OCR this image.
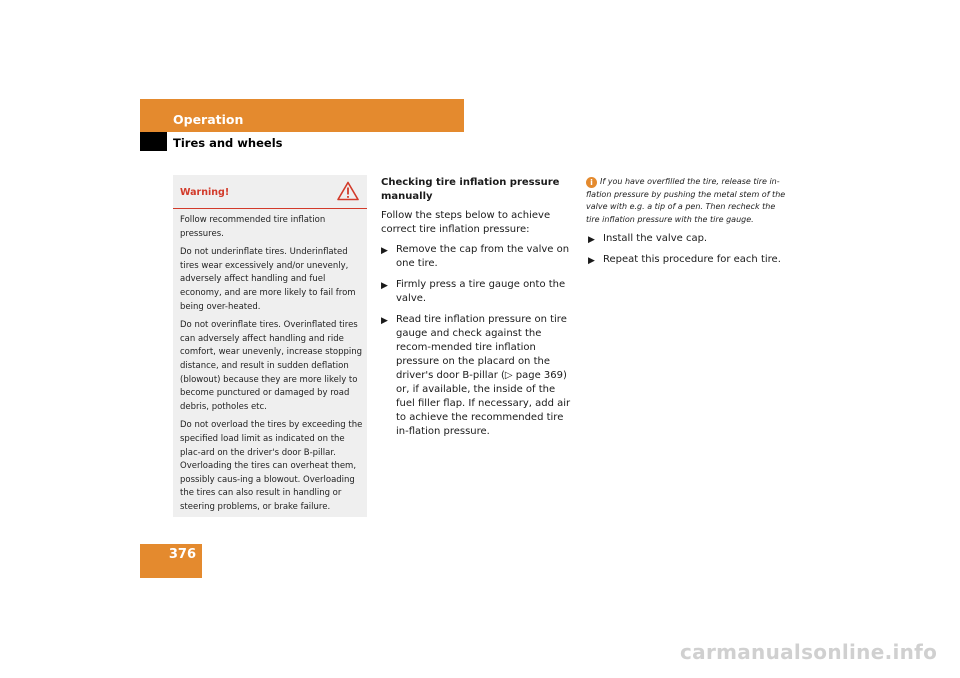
Operation
Tires and wheels
Warning!

Follow recommended tire inflation pressures.

Do not underinflate tires. Underinflated tires wear excessively and/or unevenly, adversely affect handling and fuel economy, and are more likely to fail from being over-heated.

Do not overinflate tires. Overinflated tires can adversely affect handling and ride comfort, wear unevenly, increase stopping distance, and result in sudden deflation (blowout) because they are more likely to become punctured or damaged by road debris, potholes etc.

Do not overload the tires by exceeding the specified load limit as indicated on the plac-ard on the driver's door B-pillar. Overloading the tires can overheat them, possibly caus-ing a blowout. Overloading the tires can also result in handling or steering problems, or brake failure.

Checking tire inflation pressure manually

Follow the steps below to achieve correct tire inflation pressure:

▶ Remove the cap from the valve on one tire.
▶ Firmly press a tire gauge onto the valve.
▶ Read tire inflation pressure on tire gauge and check against the recom-mended tire inflation pressure on the placard on the driver's door B-pillar (▷ page 369) or, if available, the inside of the fuel filler flap. If necessary, add air to achieve the recommended tire in-flation pressure.
i If you have overfilled the tire, release tire in-flation pressure by pushing the metal stem of the valve with e.g. a tip of a pen. Then recheck the tire inflation pressure with the tire gauge.
▶ Install the valve cap.
▶ Repeat this procedure for each tire.
376
carmanualsonline.info
